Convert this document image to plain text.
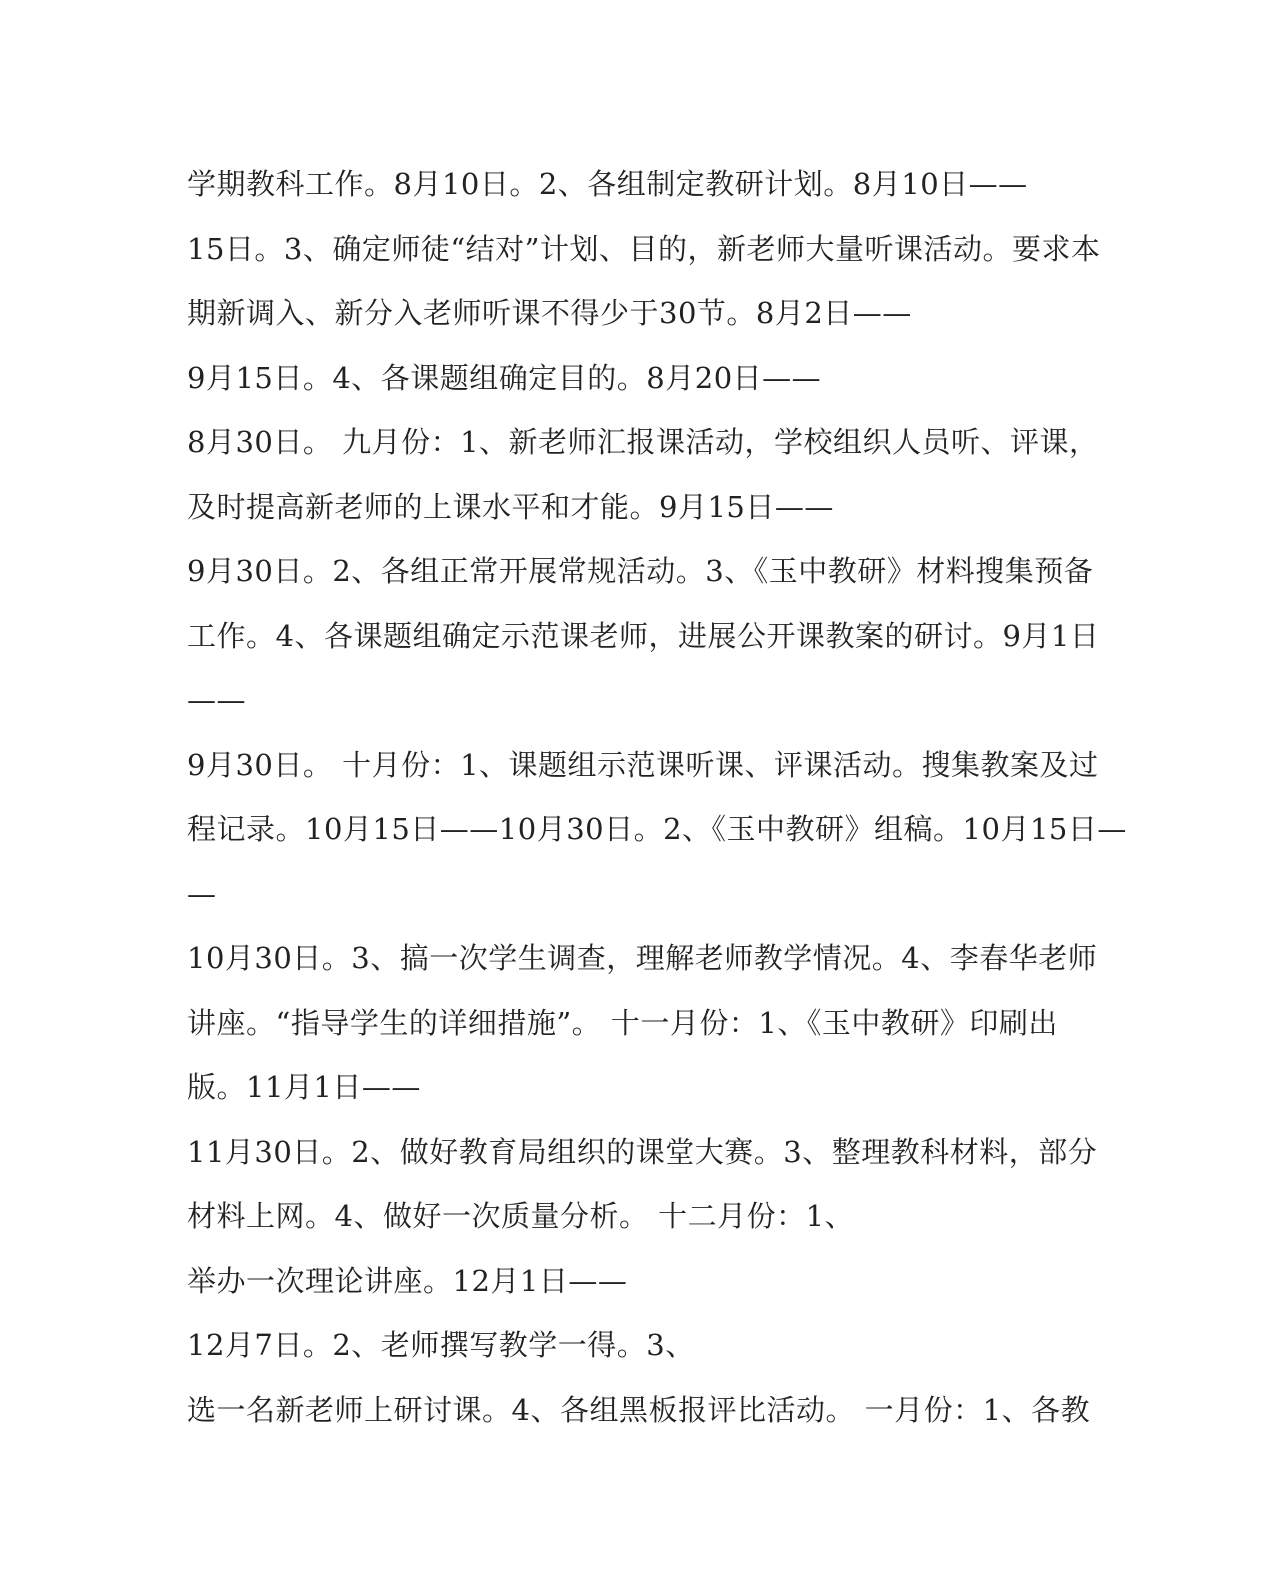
学期教科工作。8月10日。2、各组制定教研计划。8月10日——
15日。3、确定师徒“结对”计划、目的，新老师大量听课活动。要求本
期新调入、新分入老师听课不得少于30节。8月2日——
9月15日。4、各课题组确定目的。8月20日——
8月30日。 九月份：1、新老师汇报课活动，学校组织人员听、评课，
及时提高新老师的上课水平和才能。9月15日——
9月30日。2、各组正常开展常规活动。3、《玉中教研》材料搜集预备
工作。4、各课题组确定示范课老师，进展公开课教案的研讨。9月1日
——
9月30日。 十月份：1、课题组示范课听课、评课活动。搜集教案及过
程记录。10月15日——10月30日。2、《玉中教研》组稿。10月15日—
—
10月30日。3、搞一次学生调查，理解老师教学情况。4、李春华老师
讲座。“指导学生的详细措施”。 十一月份：1、《玉中教研》印刷出
版。11月1日——
11月30日。2、做好教育局组织的课堂大赛。3、整理教科材料，部分
材料上网。4、做好一次质量分析。 十二月份：1、
举办一次理论讲座。12月1日——
12月7日。2、老师撰写教学一得。3、
选一名新老师上研讨课。4、各组黑板报评比活动。 一月份：1、各教
